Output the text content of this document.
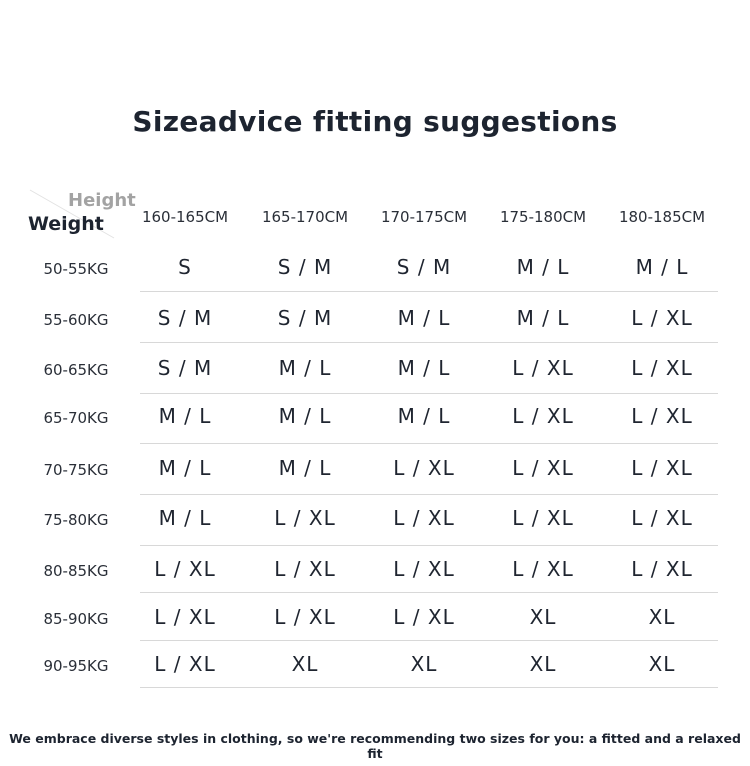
Sizeadvice fitting suggestions
Height
Weight	160-165CM	165-170CM	170-175CM	175-180CM	180-185CM
50-55KG	S	S / M	S / M	M / L	M / L
55-60KG	S / M	S / M	M / L	M / L	L / XL
60-65KG	S / M	M / L	M / L	L / XL	L / XL
65-70KG	M / L	M / L	M / L	L / XL	L / XL
70-75KG	M / L	M / L	L / XL	L / XL	L / XL
75-80KG	M / L	L / XL	L / XL	L / XL	L / XL
80-85KG	L / XL	L / XL	L / XL	L / XL	L / XL
85-90KG	L / XL	L / XL	L / XL	XL	XL
90-95KG	L / XL	XL	XL	XL	XL
We embrace diverse styles in clothing, so we're recommending two sizes for you: a fitted and a relaxed fit
